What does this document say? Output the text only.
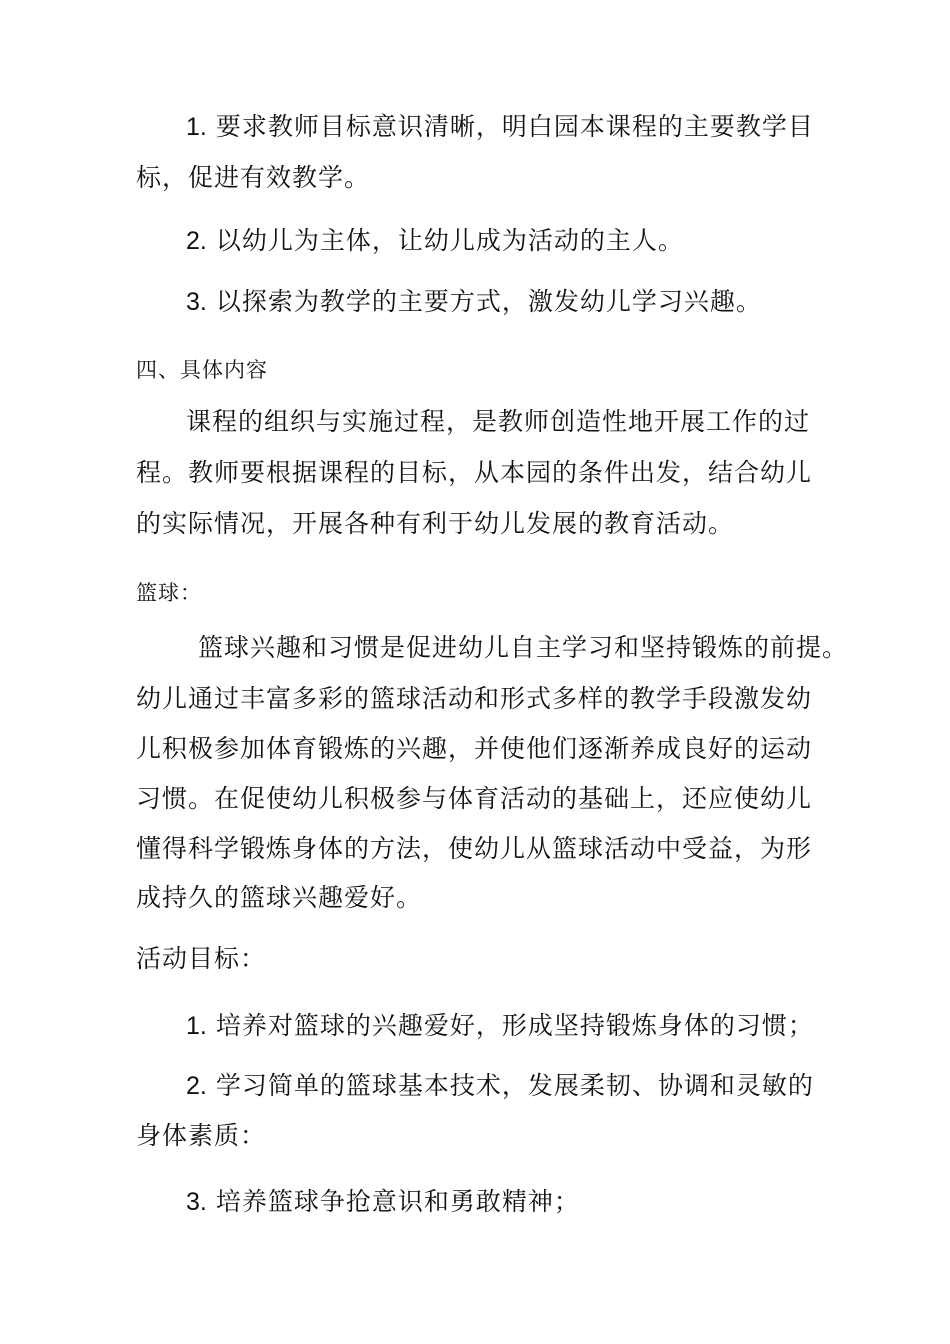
1. 要求教师目标意识清晰，明白园本课程的主要教学目
标，促进有效教学。
2. 以幼儿为主体，让幼儿成为活动的主人。
3. 以探索为教学的主要方式，激发幼儿学习兴趣。
四、具体内容
课程的组织与实施过程，是教师创造性地开展工作的过
程。教师要根据课程的目标，从本园的条件出发，结合幼儿
的实际情况，开展各种有利于幼儿发展的教育活动。
篮球：
篮球兴趣和习惯是促进幼儿自主学习和坚持锻炼的前提。
幼儿通过丰富多彩的篮球活动和形式多样的教学手段激发幼
儿积极参加体育锻炼的兴趣，并使他们逐渐养成良好的运动
习惯。在促使幼儿积极参与体育活动的基础上，还应使幼儿
懂得科学锻炼身体的方法，使幼儿从篮球活动中受益，为形
成持久的篮球兴趣爱好。
活动目标：
1. 培养对篮球的兴趣爱好，形成坚持锻炼身体的习惯；
2. 学习简单的篮球基本技术，发展柔韧、协调和灵敏的
身体素质：
3. 培养篮球争抢意识和勇敢精神；
